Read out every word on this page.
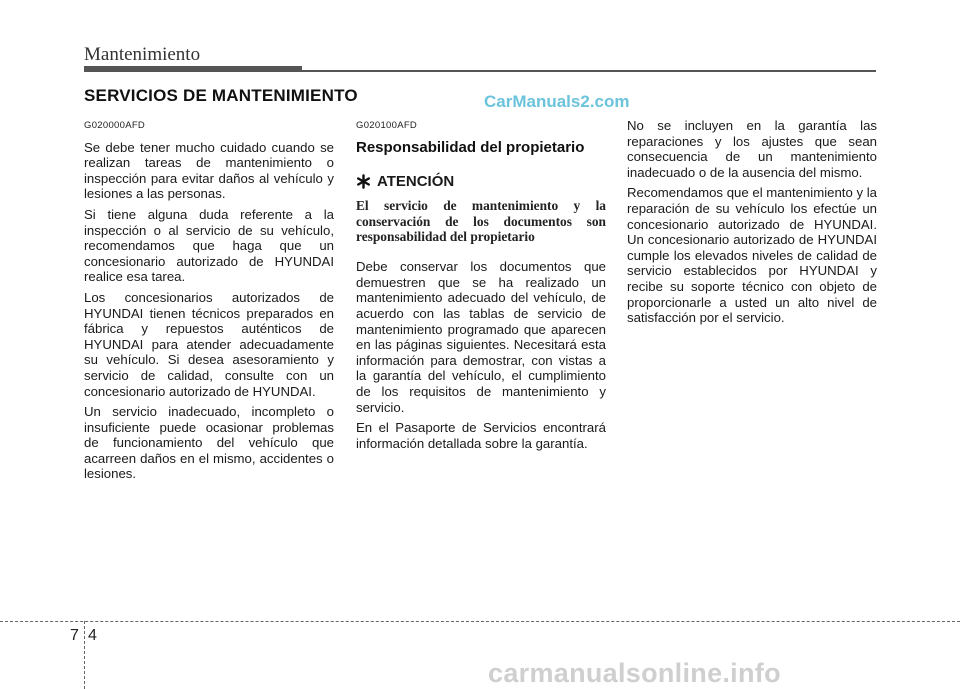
Mantenimiento
SERVICIOS DE MANTENIMIENTO	CarManuals2.com

G020000AFD

Se debe tener mucho cuidado cuando se realizan tareas de mantenimiento o inspección para evitar daños al vehículo y lesiones a las personas.

Si tiene alguna duda referente a la inspección o al servicio de su vehículo, recomendamos que haga que un concesionario autorizado de HYUNDAI realice esa tarea.

Los concesionarios autorizados de HYUNDAI tienen técnicos preparados en fábrica y repuestos auténticos de HYUNDAI para atender adecuadamente su vehículo. Si desea asesoramiento y servicio de calidad, consulte con un concesionario autorizado de HYUNDAI.

Un servicio inadecuado, incompleto o insuficiente puede ocasionar problemas de funcionamiento del vehículo que acarreen daños en el mismo, accidentes o lesiones.

G020100AFD

Responsabilidad del propietario

ATENCIÓN

El servicio de mantenimiento y la conservación de los documentos son responsabilidad del propietario

Debe conservar los documentos que demuestren que se ha realizado un mantenimiento adecuado del vehículo, de acuerdo con las tablas de servicio de mantenimiento programado que aparecen en las páginas siguientes. Necesitará esta información para demostrar, con vistas a la garantía del vehículo, el cumplimiento de los requisitos de mantenimiento y servicio.

En el Pasaporte de Servicios encontrará información detallada sobre la garantía.

No se incluyen en la garantía las reparaciones y los ajustes que sean consecuencia de un mantenimiento inadecuado o de la ausencia del mismo.

Recomendamos que el mantenimiento y la reparación de su vehículo los efectúe un concesionario autorizado de HYUNDAI. Un concesionario autorizado de HYUNDAI cumple los elevados niveles de calidad de servicio establecidos por HYUNDAI y recibe su soporte técnico con objeto de proporcionarle a usted un alto nivel de satisfacción por el servicio.

7 4
carmanualsonline.info
